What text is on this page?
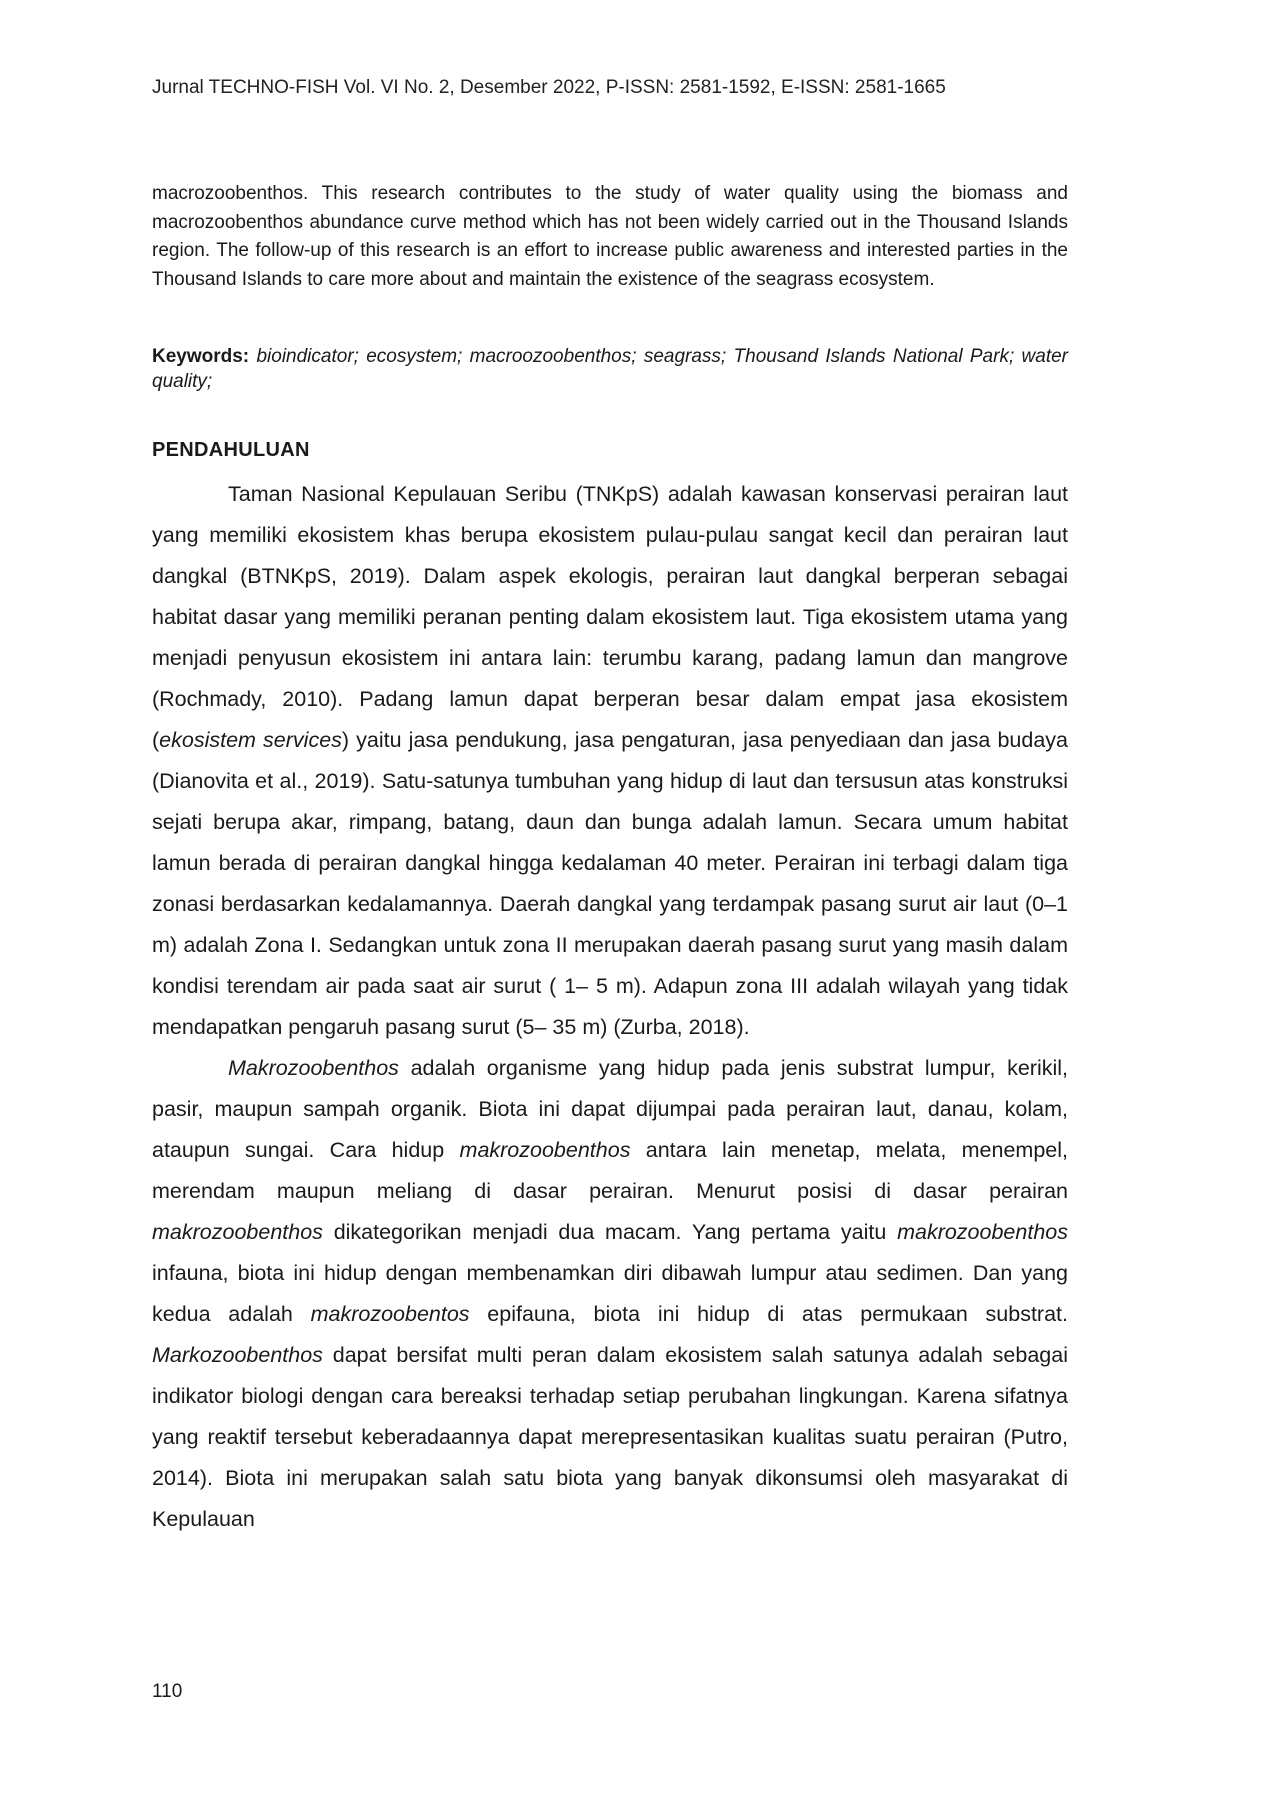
Jurnal TECHNO-FISH Vol. VI No. 2, Desember 2022, P-ISSN: 2581-1592, E-ISSN: 2581-1665
macrozoobenthos. This research contributes to the study of water quality using the biomass and macrozoobenthos abundance curve method which has not been widely carried out in the Thousand Islands region. The follow-up of this research is an effort to increase public awareness and interested parties in the Thousand Islands to care more about and maintain the existence of the seagrass ecosystem.
Keywords: bioindicator; ecosystem; macroozoobenthos; seagrass; Thousand Islands National Park; water quality;
PENDAHULUAN

Taman Nasional Kepulauan Seribu (TNKpS) adalah kawasan konservasi perairan laut yang memiliki ekosistem khas berupa ekosistem pulau-pulau sangat kecil dan perairan laut dangkal (BTNKpS, 2019). Dalam aspek ekologis, perairan laut dangkal berperan sebagai habitat dasar yang memiliki peranan penting dalam ekosistem laut. Tiga ekosistem utama yang menjadi penyusun ekosistem ini antara lain: terumbu karang, padang lamun dan mangrove (Rochmady, 2010). Padang lamun dapat berperan besar dalam empat jasa ekosistem (ekosistem services) yaitu jasa pendukung, jasa pengaturan, jasa penyediaan dan jasa budaya (Dianovita et al., 2019). Satu-satunya tumbuhan yang hidup di laut dan tersusun atas konstruksi sejati berupa akar, rimpang, batang, daun dan bunga adalah lamun. Secara umum habitat lamun berada di perairan dangkal hingga kedalaman 40 meter. Perairan ini terbagi dalam tiga zonasi berdasarkan kedalamannya. Daerah dangkal yang terdampak pasang surut air laut (0–1 m) adalah Zona I. Sedangkan untuk zona II merupakan daerah pasang surut yang masih dalam kondisi terendam air pada saat air surut ( 1– 5 m). Adapun zona III adalah wilayah yang tidak mendapatkan pengaruh pasang surut (5– 35 m) (Zurba, 2018).

Makrozoobenthos adalah organisme yang hidup pada jenis substrat lumpur, kerikil, pasir, maupun sampah organik. Biota ini dapat dijumpai pada perairan laut, danau, kolam, ataupun sungai. Cara hidup makrozoobenthos antara lain menetap, melata, menempel, merendam maupun meliang di dasar perairan. Menurut posisi di dasar perairan makrozoobenthos dikategorikan menjadi dua macam. Yang pertama yaitu makrozoobenthos infauna, biota ini hidup dengan membenamkan diri dibawah lumpur atau sedimen. Dan yang kedua adalah makrozoobentos epifauna, biota ini hidup di atas permukaan substrat. Markozoobenthos dapat bersifat multi peran dalam ekosistem salah satunya adalah sebagai indikator biologi dengan cara bereaksi terhadap setiap perubahan lingkungan. Karena sifatnya yang reaktif tersebut keberadaannya dapat merepresentasikan kualitas suatu perairan (Putro, 2014). Biota ini merupakan salah satu biota yang banyak dikonsumsi oleh masyarakat di Kepulauan

110
